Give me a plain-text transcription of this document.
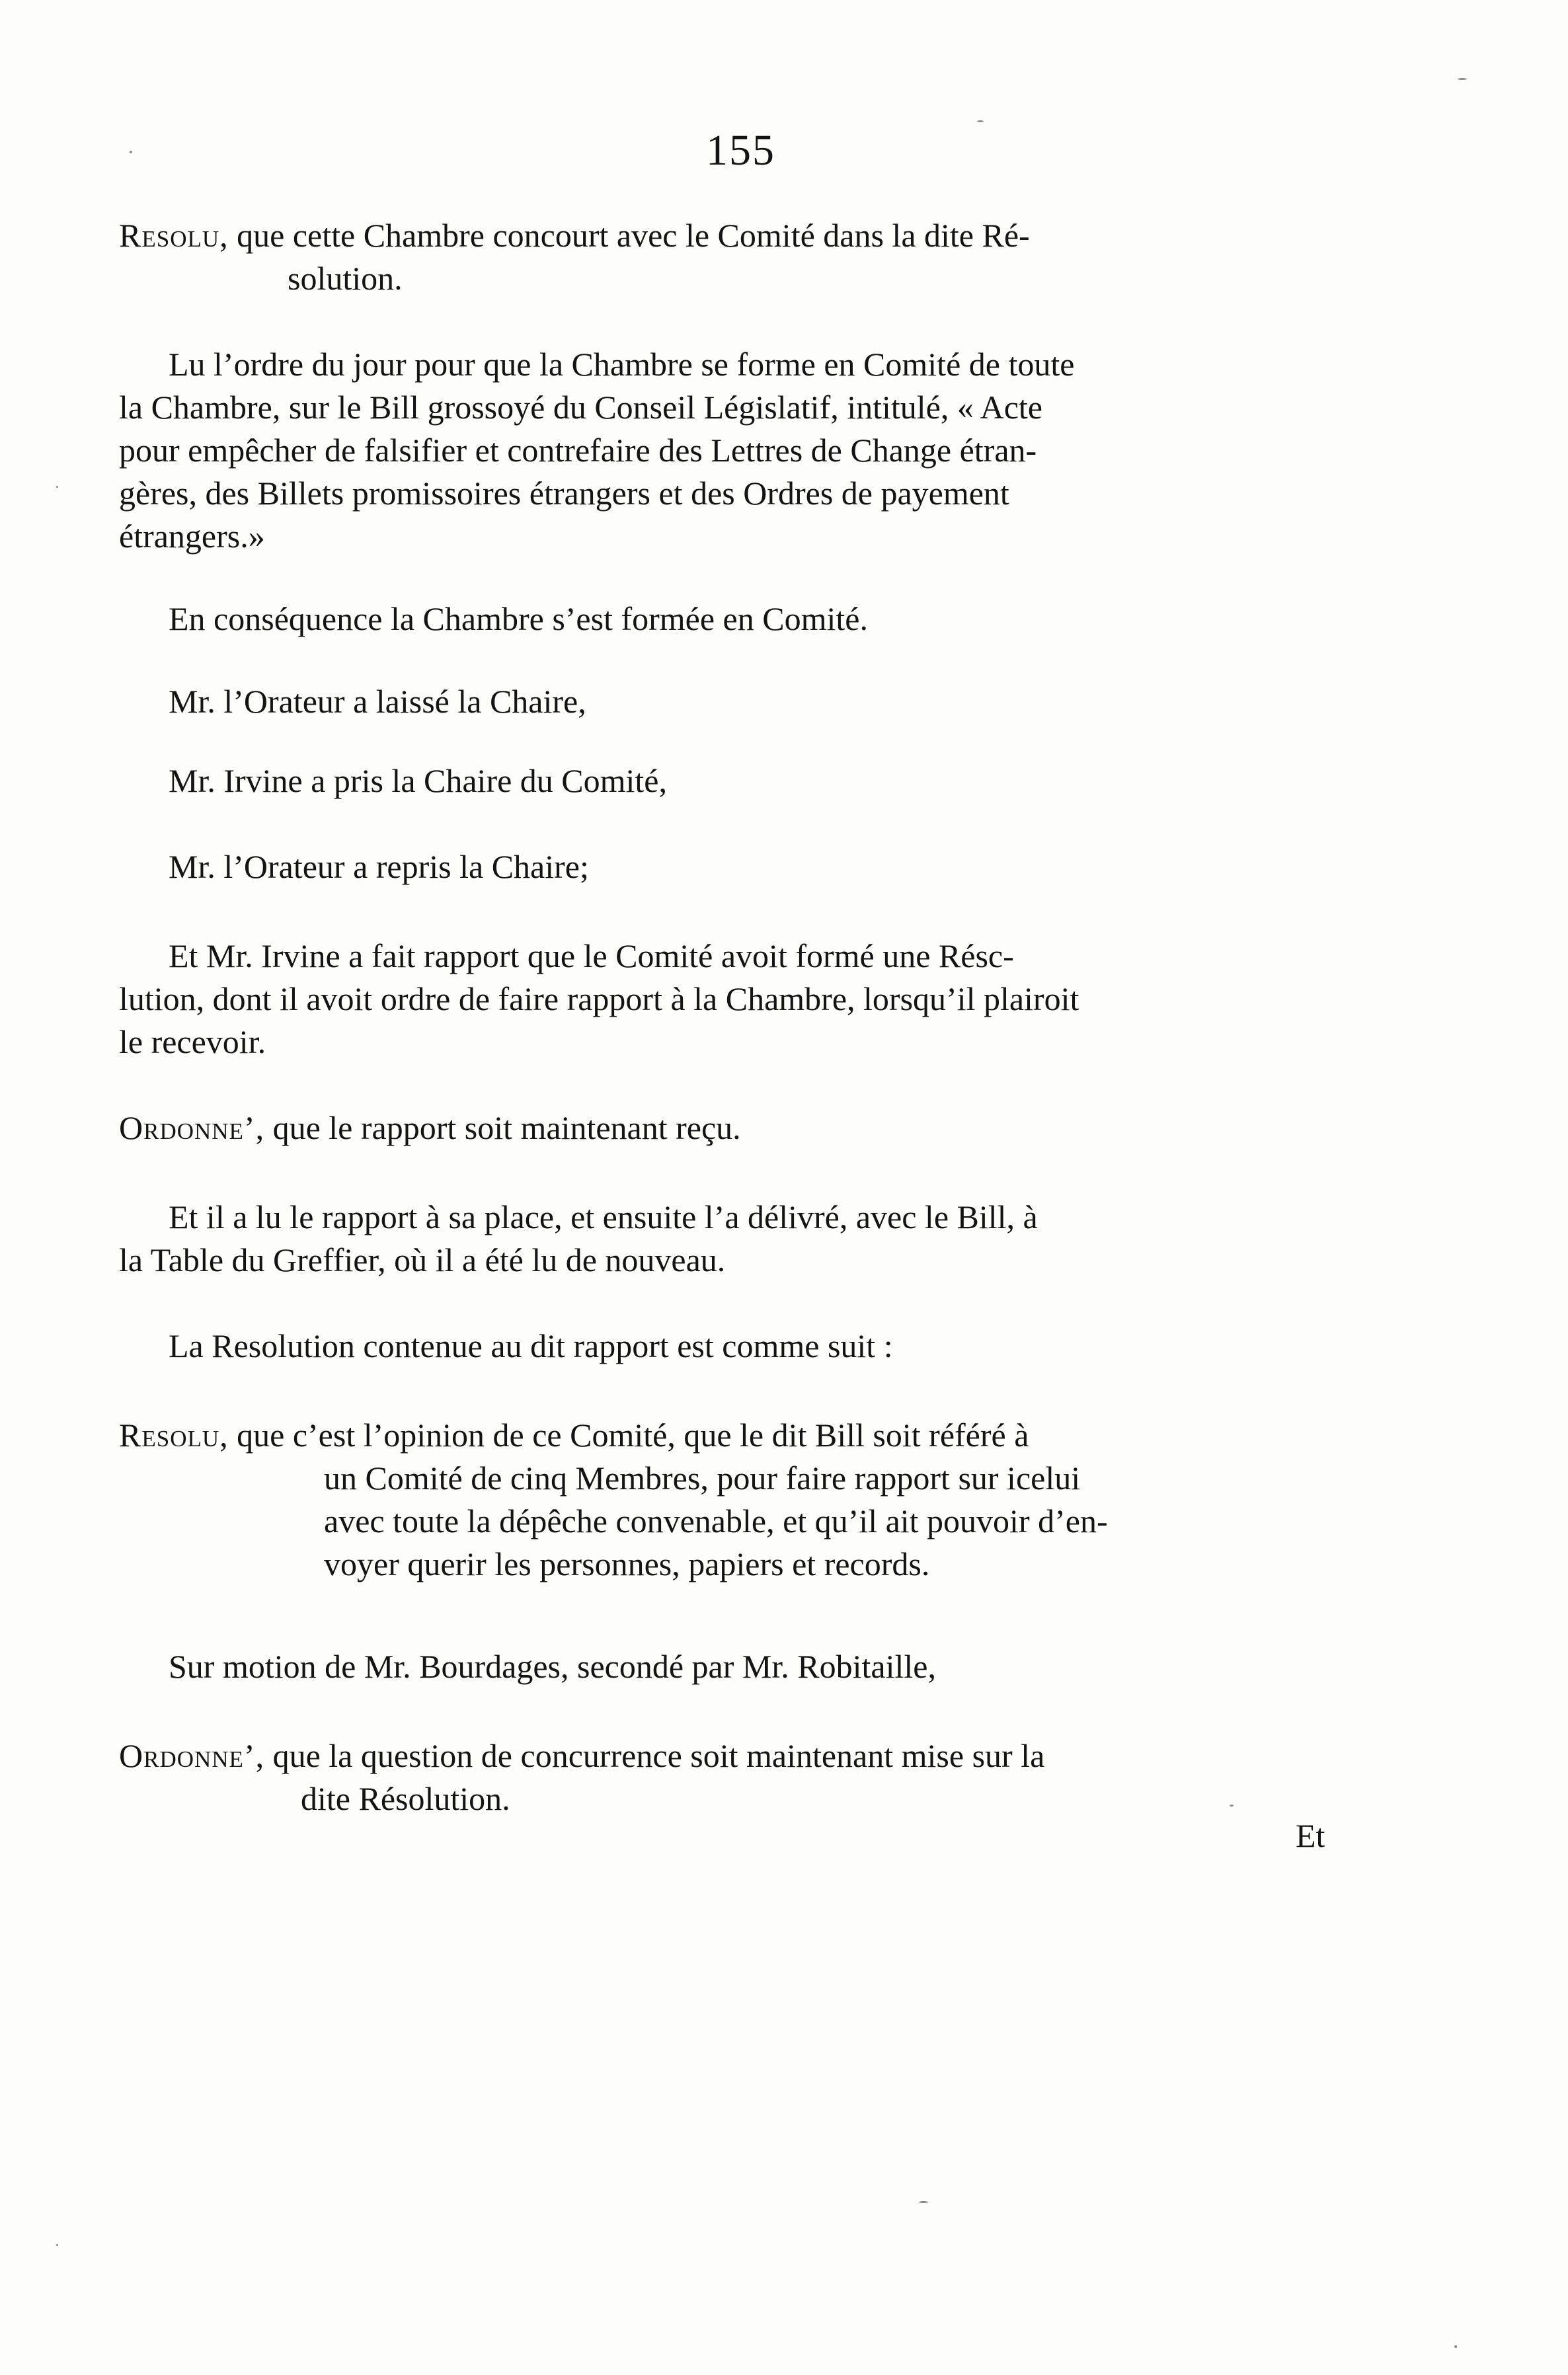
155
Resolu, que cette Chambre concourt avec le Comité dans la dite Ré-
solution.
Lu l’ordre du jour pour que la Chambre se forme en Comité de toute
la Chambre, sur le Bill grossoyé du Conseil Législatif, intitulé, « Acte
pour empêcher de falsifier et contrefaire des Lettres de Change étran-
gères, des Billets promissoires étrangers et des Ordres de payement
étrangers.»
En conséquence la Chambre s’est formée en Comité.
Mr. l’Orateur a laissé la Chaire,
Mr. Irvine a pris la Chaire du Comité,
Mr. l’Orateur a repris la Chaire;
Et Mr. Irvine a fait rapport que le Comité avoit formé une Résc-
lution, dont il avoit ordre de faire rapport à la Chambre, lorsqu’il plairoit
le recevoir.
Ordonne’, que le rapport soit maintenant reçu.
Et il a lu le rapport à sa place, et ensuite l’a délivré, avec le Bill, à
la Table du Greffier, où il a été lu de nouveau.
La Resolution contenue au dit rapport est comme suit :
Resolu, que c’est l’opinion de ce Comité, que le dit Bill soit référé à
un Comité de cinq Membres, pour faire rapport sur icelui
avec toute la dépêche convenable, et qu’il ait pouvoir d’en-
voyer querir les personnes, papiers et records.
Sur motion de Mr. Bourdages, secondé par Mr. Robitaille,
Ordonne’, que la question de concurrence soit maintenant mise sur la
dite Résolution.
Et
